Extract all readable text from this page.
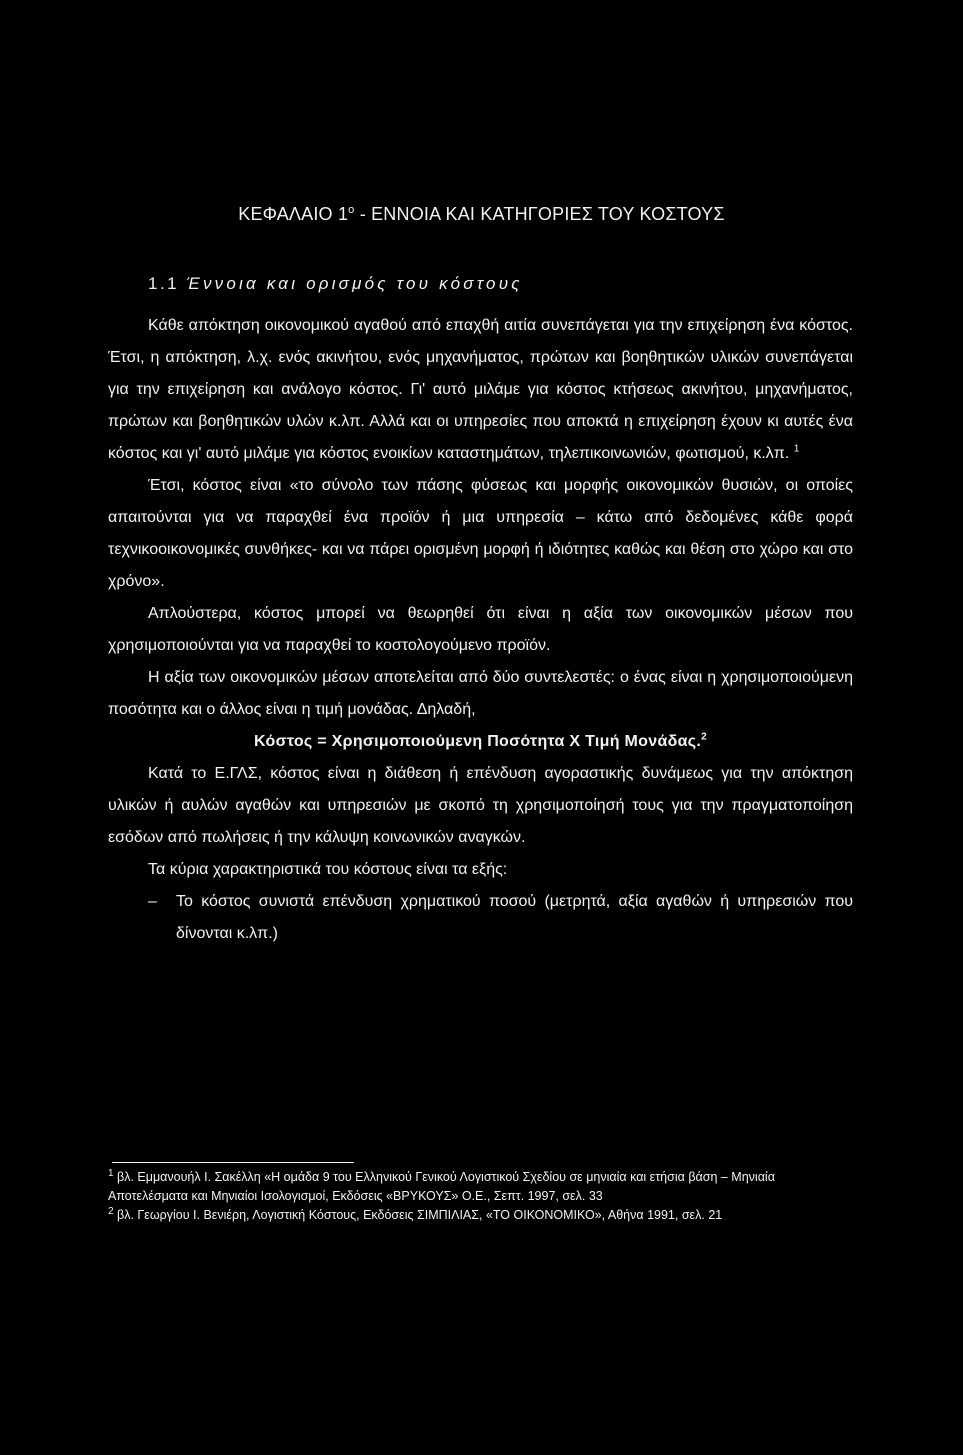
ΚΕΦΑΛΑΙΟ $1^o$ - ΕΝΝΟΙΑ ΚΑΙ ΚΑΤΗΓΟΡΙΕΣ ΤΟΥ ΚΟΣΤΟΥΣ
1.1 Έννοια και ορισμός του κόστους

Κάθε απόκτηση οικονομικού αγαθού από επαχθή αιτία συνεπάγεται για την επιχείρηση ένα κόστος. Έτσι, η απόκτηση, λ.χ. ενός ακινήτου, ενός μηχανήματος, πρώτων και βοηθητικών υλικών συνεπάγεται για την επιχείρηση και ανάλογο κόστος. Γι' αυτό μιλάμε για κόστος κτήσεως ακινήτου, μηχανήματος, πρώτων και βοηθητικών υλών κ.λπ. Αλλά και οι υπηρεσίες που αποκτά η επιχείρηση έχουν κι αυτές ένα κόστος και γι' αυτό μιλάμε για κόστος ενοικίων καταστημάτων, τηλεπικοινωνιών, φωτισμού, κ.λπ. $^1$

Έτσι, κόστος είναι «το σύνολο των πάσης φύσεως και μορφής οικονομικών θυσιών, οι οποίες απαιτούνται για να παραχθεί ένα προϊόν ή μια υπηρεσία – κάτω από δεδομένες κάθε φορά τεχνικοοικονομικές συνθήκες- και να πάρει ορισμένη μορφή ή ιδιότητες καθώς και θέση στο χώρο και στο χρόνο».

Απλούστερα, κόστος μπορεί να θεωρηθεί ότι είναι η αξία των οικονομικών μέσων που χρησιμοποιούνται για να παραχθεί το κοστολογούμενο προϊόν.

Η αξία των οικονομικών μέσων αποτελείται από δύο συντελεστές: ο ένας είναι η χρησιμοποιούμενη ποσότητα και ο άλλος είναι η τιμή μονάδας. Δηλαδή,

Κόστος = Χρησιμοποιούμενη Ποσότητα Χ Τιμή Μονάδας.$^2$

Κατά το Ε.ΓΛΣ, κόστος είναι η διάθεση ή επένδυση αγοραστικής δυνάμεως για την απόκτηση υλικών ή αυλών αγαθών και υπηρεσιών με σκοπό τη χρησιμοποίησή τους για την πραγματοποίηση εσόδων από πωλήσεις ή την κάλυψη κοινωνικών αναγκών.

Τα κύρια χαρακτηριστικά του κόστους είναι τα εξής:

–	Το κόστος συνιστά επένδυση χρηματικού ποσού (μετρητά, αξία αγαθών ή υπηρεσιών που δίνονται κ.λπ.)

$^1$ βλ. Εμμανουήλ Ι. Σακέλλη «Η ομάδα 9 του Ελληνικού Γενικού Λογιστικού Σχεδίου σε μηνιαία και ετήσια βάση – Μηνιαία Αποτελέσματα και Μηνιαίοι Ισολογισμοί, Εκδόσεις «ΒΡΥΚΟΥΣ» Ο.Ε., Σεπτ. 1997, σελ. 33

$^2$ βλ. Γεωργίου Ι. Βενιέρη, Λογιστική Κόστους, Εκδόσεις ΣΙΜΠΙΛΙΑΣ, «ΤΟ ΟΙΚΟΝΟΜΙΚΟ», Αθήνα 1991, σελ. 21
